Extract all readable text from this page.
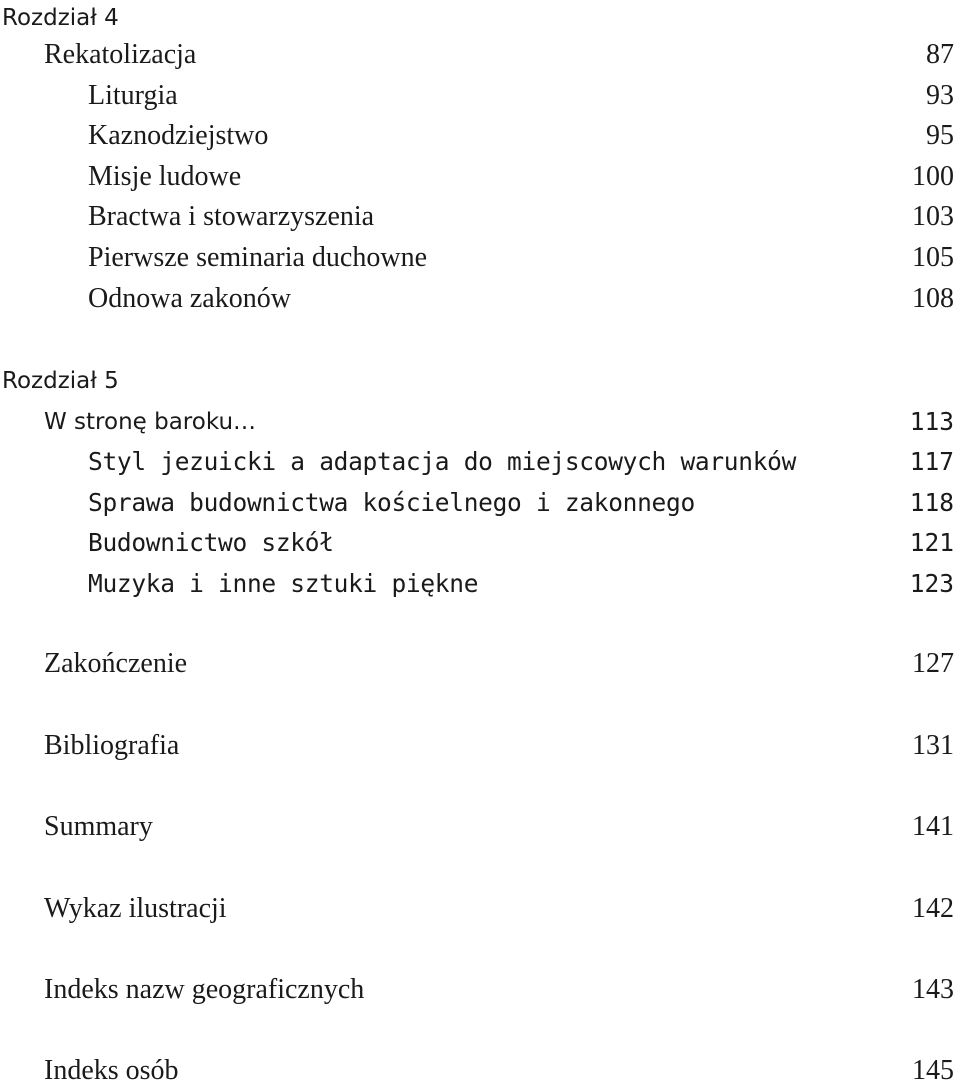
Rozdział 4
Rekatolizacja	87
Liturgia	93
Kaznodziejstwo	95
Misje ludowe	100
Bractwa i stowarzyszenia	103
Pierwsze seminaria duchowne	105
Odnowa zakonów	108
Rozdział 5
W stronę baroku…	113
Styl jezuicki a adaptacja do miejscowych warunków	117
Sprawa budownictwa kościelnego i zakonnego	118
Budownictwo szkół	121
Muzyka i inne sztuki piękne	123
Zakończenie	127
Bibliografia	131
Summary	141
Wykaz ilustracji	142
Indeks nazw geograficznych	143
Indeks osób	145
